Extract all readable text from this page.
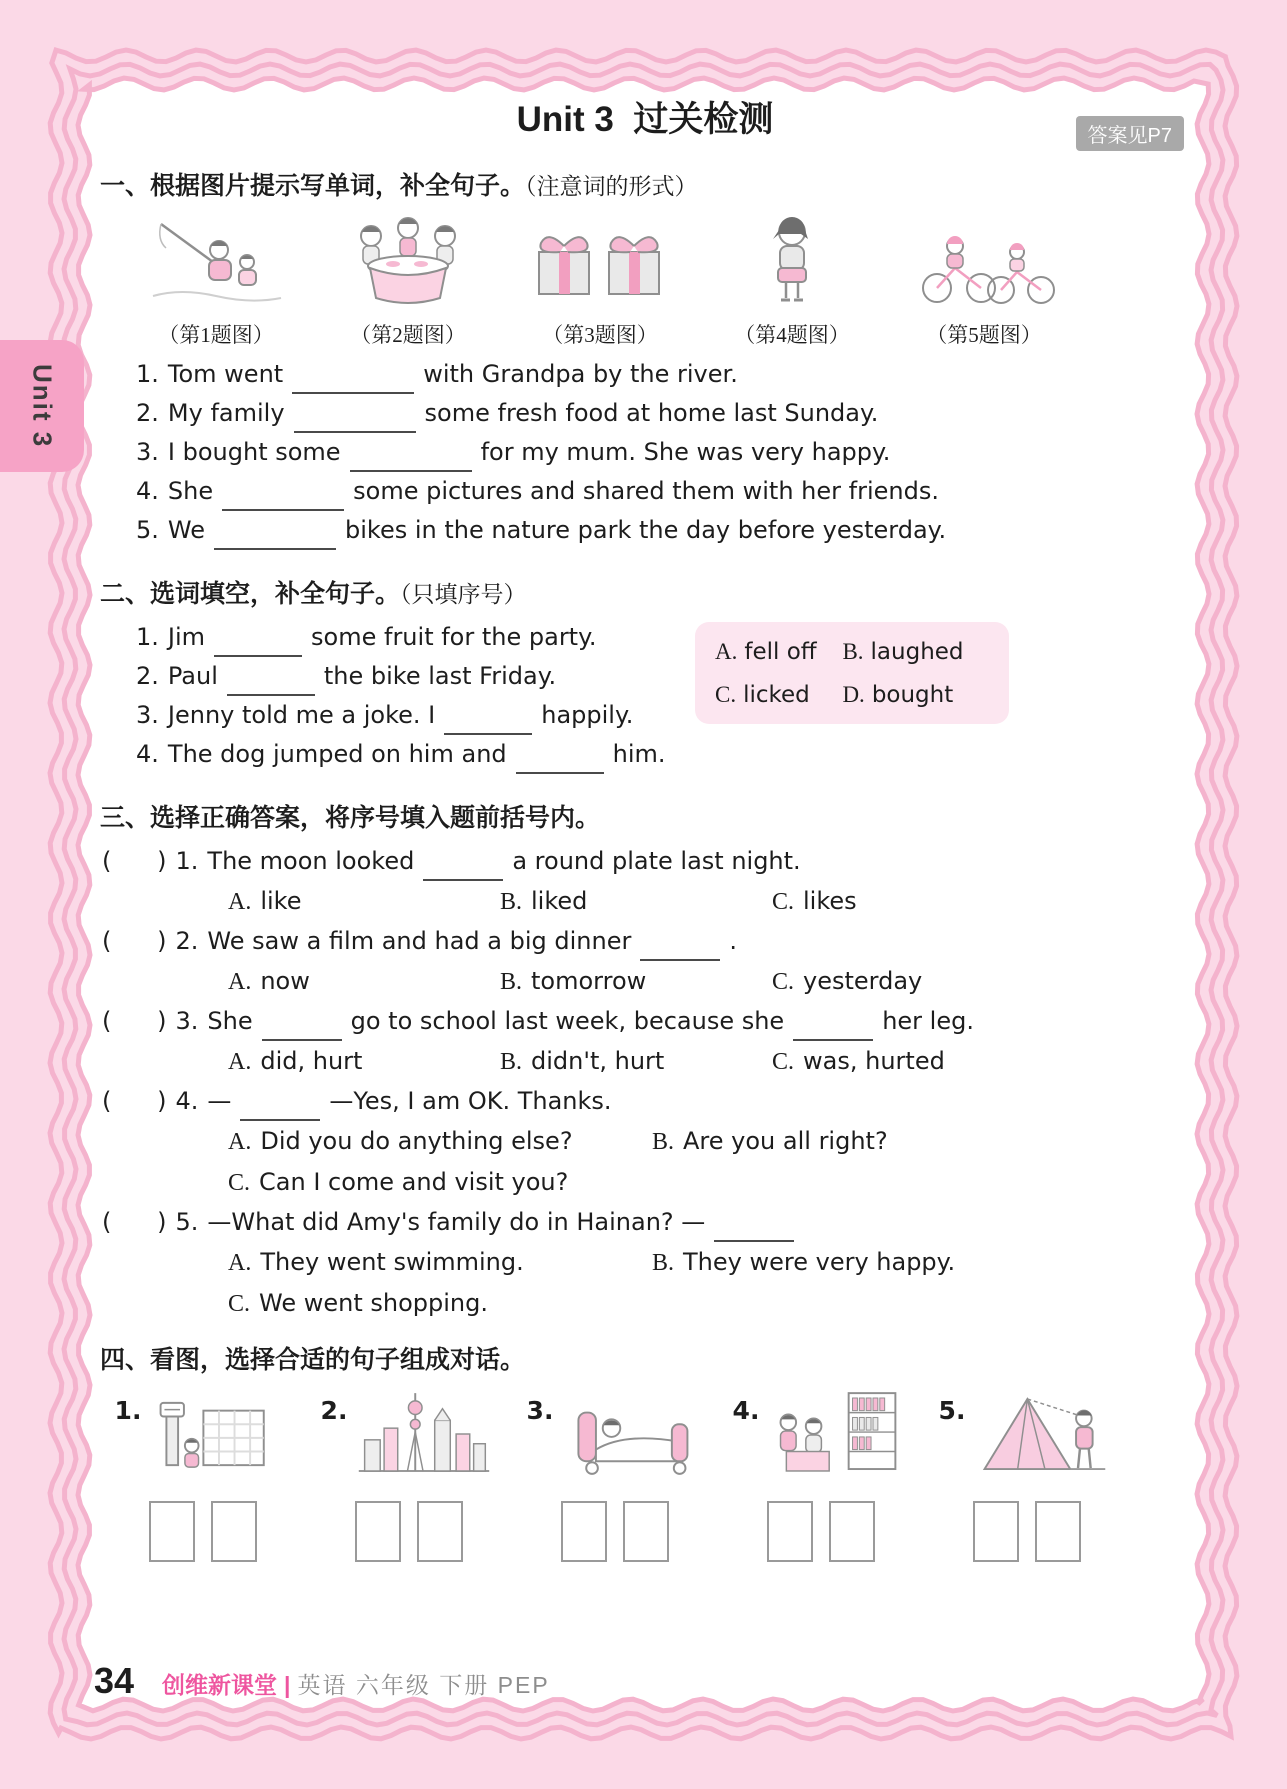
Unit 3
Unit 3  过关检测	答案见P7
一、根据图片提示写单词，补全句子。（注意词的形式）
（第1题图）	（第2题图）	（第3题图）	（第4题图）	（第5题图）
1. Tom went	with Grandpa by the river.
2. My family	some fresh food at home last Sunday.
3. I bought some	for my mum. She was very happy.
4. She	some pictures and shared them with her friends.
5. We	bikes in the nature park the day before yesterday.
二、选词填空，补全句子。（只填序号）
1. Jim	some fruit for the party.
2. Paul	the bike last Friday.
3. Jenny told me a joke. I	happily.
4. The dog jumped on him and	him.
A. fell off	B. laughed
C. licked	D. bought
三、选择正确答案，将序号填入题前括号内。
(      ) 1. The moon looked	a round plate last night.
A. like	B. liked	C. likes
(      ) 2. We saw a film and had a big dinner	.
A. now	B. tomorrow	C. yesterday
(      ) 3. She	go to school last week, because she	her leg.
A. did, hurt	B. didn't, hurt	C. was, hurted
(      ) 4. —	—Yes, I am OK. Thanks.
A. Did you do anything else?	B. Are you all right?
C. Can I come and visit you?
(      ) 5. —What did Amy's family do in Hainan? —
A. They went swimming.	B. They were very happy.
C. We went shopping.
四、看图，选择合适的句子组成对话。
1.	2.	3.	4.	5.
34 创维新课堂 | 英语 六年级 下册 PEP
